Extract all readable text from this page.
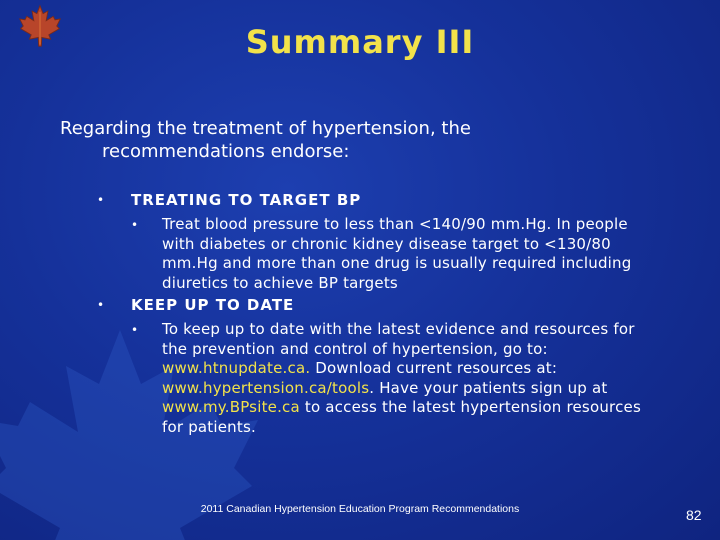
Summary III
Regarding the treatment of hypertension, the
recommendations endorse:
• TREATING TO TARGET BP
• Treat blood pressure to less than <140/90 mm.Hg. In people with diabetes or chronic kidney disease target to <130/80 mm.Hg and more than one drug is usually required including diuretics to achieve BP targets
• KEEP UP TO DATE
• To keep up to date with the latest evidence and resources for the prevention and control of hypertension, go to: www.htnupdate.ca. Download current resources at: www.hypertension.ca/tools. Have your patients sign up at www.my.BPsite.ca to access the latest hypertension resources for patients.
2011 Canadian Hypertension Education Program Recommendations	82
